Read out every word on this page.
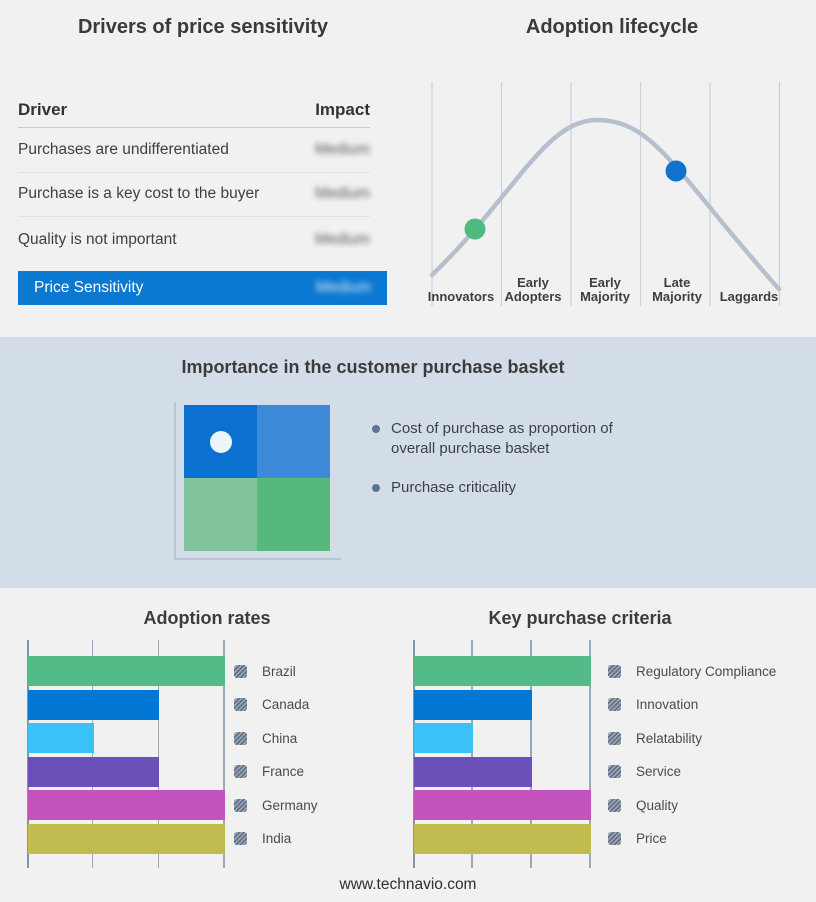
Drivers of price sensitivity
Driver	Impact
Purchases are undifferentiated	Medium
Purchase is a key cost to the buyer	Medium
Quality is not important	Medium
Price Sensitivity	Medium
Adoption lifecycle
Innovators
Early Adopters
Early Majority
Late Majority	Laggards
Importance in the customer purchase basket
Cost of purchase as proportion of overall purchase basket
Purchase criticality
Adoption rates	Key purchase criteria
Brazil
Canada
China
France
Germany
India
Regulatory Compliance
Innovation
Relatability
Service
Quality
Price
www.technavio.com
